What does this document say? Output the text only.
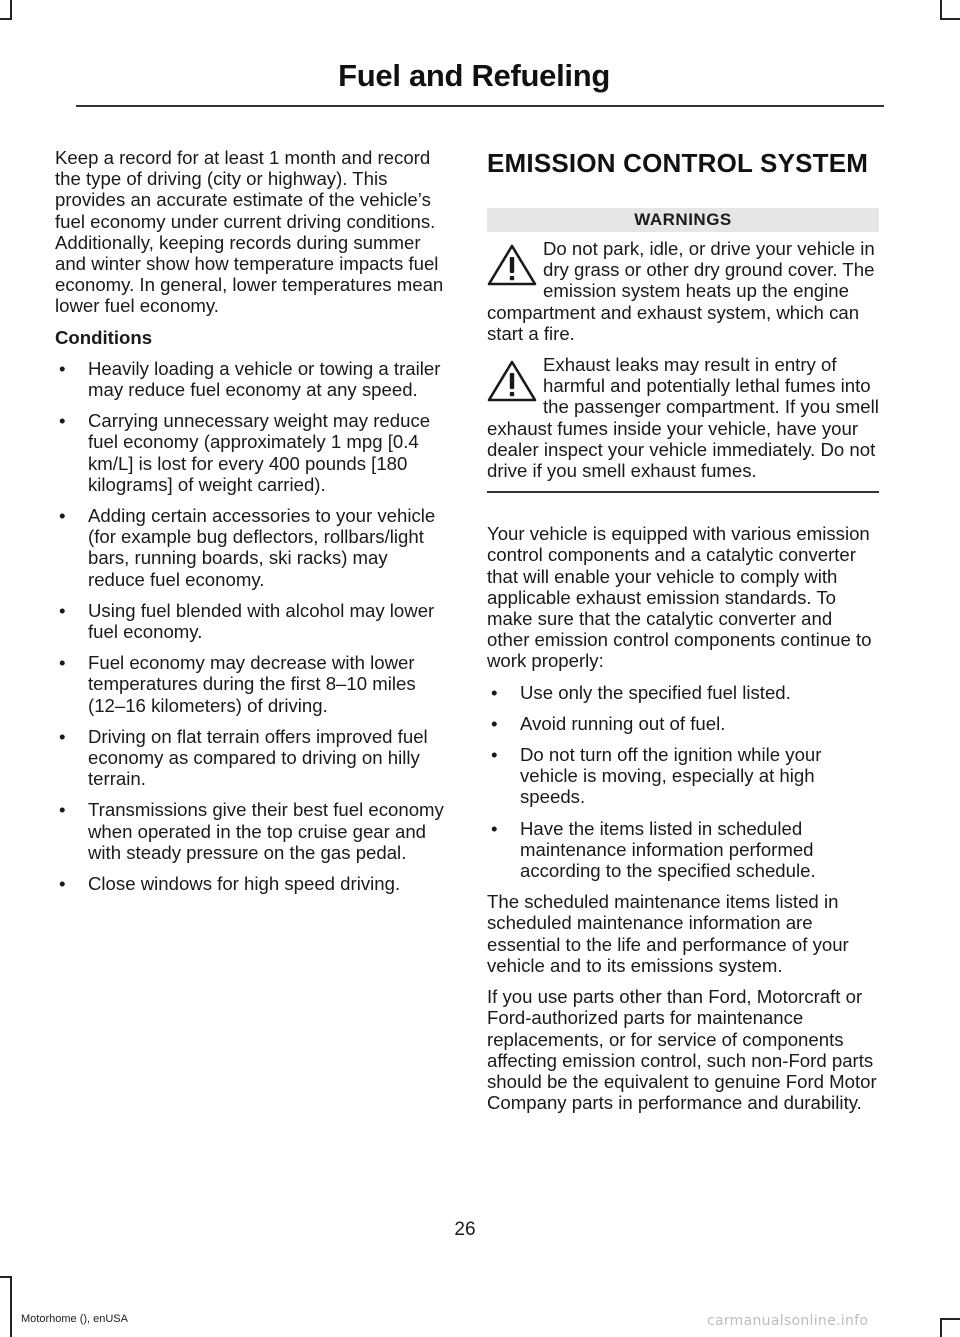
Fuel and Refueling

Keep a record for at least 1 month and record the type of driving (city or highway). This provides an accurate estimate of the vehicle’s fuel economy under current driving conditions. Additionally, keeping records during summer and winter show how temperature impacts fuel economy. In general, lower temperatures mean lower fuel economy.

Conditions
• Heavily loading a vehicle or towing a trailer may reduce fuel economy at any speed.
• Carrying unnecessary weight may reduce fuel economy (approximately 1 mpg [0.4 km/L] is lost for every 400 pounds [180 kilograms] of weight carried).
• Adding certain accessories to your vehicle (for example bug deflectors, rollbars/light bars, running boards, ski racks) may reduce fuel economy.
• Using fuel blended with alcohol may lower fuel economy.
• Fuel economy may decrease with lower temperatures during the first 8–10 miles (12–16 kilometers) of driving.
• Driving on flat terrain offers improved fuel economy as compared to driving on hilly terrain.
• Transmissions give their best fuel economy when operated in the top cruise gear and with steady pressure on the gas pedal.
• Close windows for high speed driving.
EMISSION CONTROL SYSTEM
WARNINGS
Do not park, idle, or drive your vehicle in dry grass or other dry ground cover. The emission system heats up the engine compartment and exhaust system, which can start a fire.
Exhaust leaks may result in entry of harmful and potentially lethal fumes into the passenger compartment. If you smell exhaust fumes inside your vehicle, have your dealer inspect your vehicle immediately. Do not drive if you smell exhaust fumes.

Your vehicle is equipped with various emission control components and a catalytic converter that will enable your vehicle to comply with applicable exhaust emission standards. To make sure that the catalytic converter and other emission control components continue to work properly:

• Use only the specified fuel listed.
• Avoid running out of fuel.
• Do not turn off the ignition while your vehicle is moving, especially at high speeds.
• Have the items listed in scheduled maintenance information performed according to the specified schedule.

The scheduled maintenance items listed in scheduled maintenance information are essential to the life and performance of your vehicle and to its emissions system.

If you use parts other than Ford, Motorcraft or Ford-authorized parts for maintenance replacements, or for service of components affecting emission control, such non-Ford parts should be the equivalent to genuine Ford Motor Company parts in performance and durability.

26
Motorhome (), enUSA	carmanualsonline.info
